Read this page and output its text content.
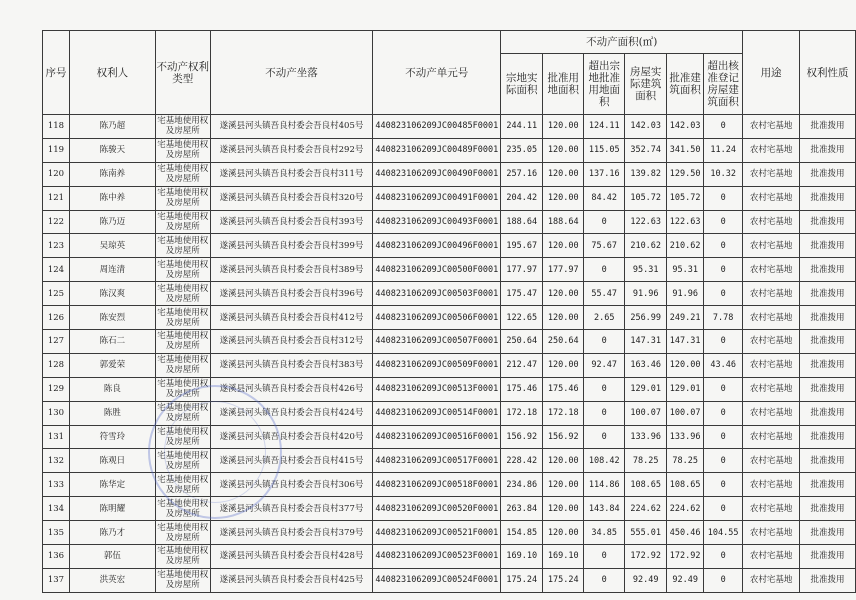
序号	权利人	不动产权利类型	不动产坐落	不动产单元号	不动产面积(㎡)						用途	权利性质
					宗地实际面积	批准用地面积	超出宗地批准用地面积	房屋实际建筑面积	批准建筑面积	超出核准登记房屋建筑面积		
118	陈乃超	宅基地使用权及房屋所	遂溪县河头镇吾良村委会吾良村405号	440823106209JC00485F0001	244.11	120.00	124.11	142.03	142.03	0	农村宅基地	批准拨用
119	陈骏天	宅基地使用权及房屋所	遂溪县河头镇吾良村委会吾良村292号	440823106209JC00489F0001	235.05	120.00	115.05	352.74	341.50	11.24	农村宅基地	批准拨用
120	陈南养	宅基地使用权及房屋所	遂溪县河头镇吾良村委会吾良村311号	440823106209JC00490F0001	257.16	120.00	137.16	139.82	129.50	10.32	农村宅基地	批准拨用
121	陈中养	宅基地使用权及房屋所	遂溪县河头镇吾良村委会吾良村320号	440823106209JC00491F0001	204.42	120.00	84.42	105.72	105.72	0	农村宅基地	批准拨用
122	陈乃迈	宅基地使用权及房屋所	遂溪县河头镇吾良村委会吾良村393号	440823106209JC00493F0001	188.64	188.64	0	122.63	122.63	0	农村宅基地	批准拨用
123	吴琼英	宅基地使用权及房屋所	遂溪县河头镇吾良村委会吾良村399号	440823106209JC00496F0001	195.67	120.00	75.67	210.62	210.62	0	农村宅基地	批准拨用
124	周连清	宅基地使用权及房屋所	遂溪县河头镇吾良村委会吾良村389号	440823106209JC00500F0001	177.97	177.97	0	95.31	95.31	0	农村宅基地	批准拨用
125	陈汉爽	宅基地使用权及房屋所	遂溪县河头镇吾良村委会吾良村396号	440823106209JC00503F0001	175.47	120.00	55.47	91.96	91.96	0	农村宅基地	批准拨用
126	陈安烈	宅基地使用权及房屋所	遂溪县河头镇吾良村委会吾良村412号	440823106209JC00506F0001	122.65	120.00	2.65	256.99	249.21	7.78	农村宅基地	批准拨用
127	陈石二	宅基地使用权及房屋所	遂溪县河头镇吾良村委会吾良村312号	440823106209JC00507F0001	250.64	250.64	0	147.31	147.31	0	农村宅基地	批准拨用
128	郭爱荣	宅基地使用权及房屋所	遂溪县河头镇吾良村委会吾良村383号	440823106209JC00509F0001	212.47	120.00	92.47	163.46	120.00	43.46	农村宅基地	批准拨用
129	陈良	宅基地使用权及房屋所	遂溪县河头镇吾良村委会吾良村426号	440823106209JC00513F0001	175.46	175.46	0	129.01	129.01	0	农村宅基地	批准拨用
130	陈胜	宅基地使用权及房屋所	遂溪县河头镇吾良村委会吾良村424号	440823106209JC00514F0001	172.18	172.18	0	100.07	100.07	0	农村宅基地	批准拨用
131	符雪玲	宅基地使用权及房屋所	遂溪县河头镇吾良村委会吾良村420号	440823106209JC00516F0001	156.92	156.92	0	133.96	133.96	0	农村宅基地	批准拨用
132	陈观日	宅基地使用权及房屋所	遂溪县河头镇吾良村委会吾良村415号	440823106209JC00517F0001	228.42	120.00	108.42	78.25	78.25	0	农村宅基地	批准拨用
133	陈华定	宅基地使用权及房屋所	遂溪县河头镇吾良村委会吾良村306号	440823106209JC00518F0001	234.86	120.00	114.86	108.65	108.65	0	农村宅基地	批准拨用
134	陈明耀	宅基地使用权及房屋所	遂溪县河头镇吾良村委会吾良村377号	440823106209JC00520F0001	263.84	120.00	143.84	224.62	224.62	0	农村宅基地	批准拨用
135	陈乃才	宅基地使用权及房屋所	遂溪县河头镇吾良村委会吾良村379号	440823106209JC00521F0001	154.85	120.00	34.85	555.01	450.46	104.55	农村宅基地	批准拨用
136	郭伍	宅基地使用权及房屋所	遂溪县河头镇吾良村委会吾良村428号	440823106209JC00523F0001	169.10	169.10	0	172.92	172.92	0	农村宅基地	批准拨用
137	洪英宏	宅基地使用权及房屋所	遂溪县河头镇吾良村委会吾良村425号	440823106209JC00524F0001	175.24	175.24	0	92.49	92.49	0	农村宅基地	批准拨用
